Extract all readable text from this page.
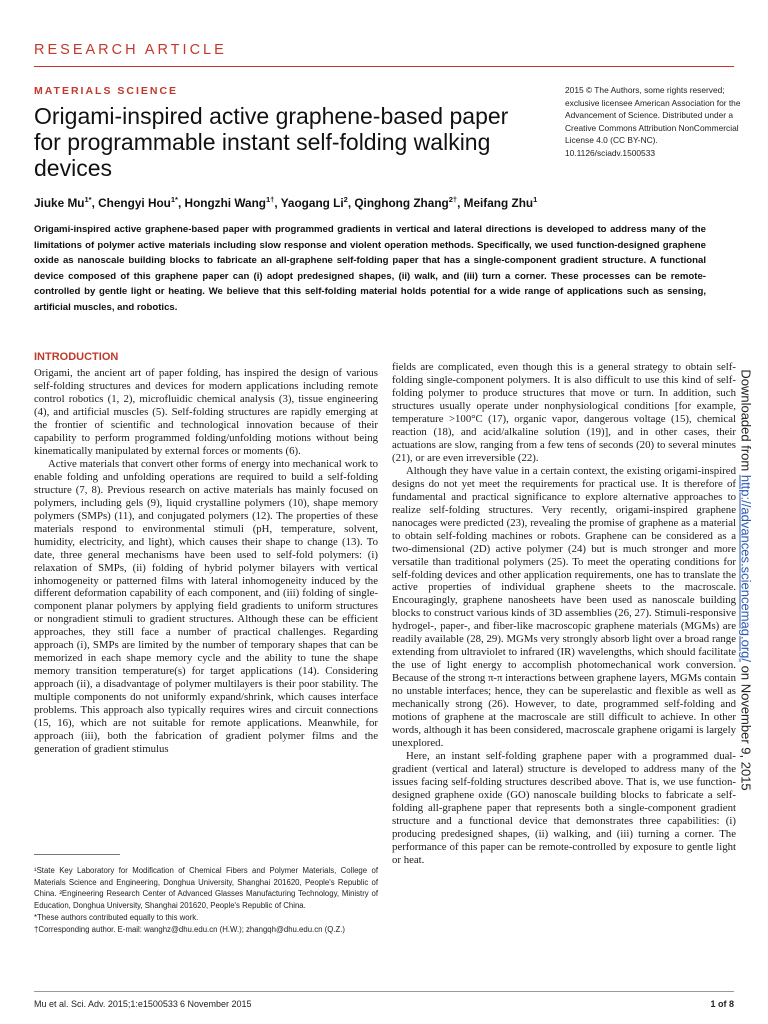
RESEARCH ARTICLE
MATERIALS SCIENCE
Origami-inspired active graphene-based paper for programmable instant self-folding walking devices
2015 © The Authors, some rights reserved; exclusive licensee American Association for the Advancement of Science. Distributed under a Creative Commons Attribution NonCommercial License 4.0 (CC BY-NC). 10.1126/sciadv.1500533
Jiuke $Mu^{1*}$, Chengyi Hou$^{1*}$, Hongzhi Wang$^{1\dagger}$, Yaogang Li$^2$, Qinghong Zhang$^{2\dagger}$, Meifang Zhu$^1$
Origami-inspired active graphene-based paper with programmed gradients in vertical and lateral directions is developed to address many of the limitations of polymer active materials including slow response and violent operation methods. Specifically, we used function-designed graphene oxide as nanoscale building blocks to fabricate an all-graphene self-folding paper that has a single-component gradient structure. A functional device composed of this graphene paper can (i) adopt predesigned shapes, (ii) walk, and (iii) turn a corner. These processes can be remote-controlled by gentle light or heating. We believe that this self-folding material holds potential for a wide range of applications such as sensing, artificial muscles, and robotics.
Downloaded from http://advances.sciencemag.org/ on November 9, 2015
INTRODUCTION

Origami, the ancient art of paper folding, has inspired the design of various self-folding structures and devices for modern applications including remote control robotics (1, 2), microfluidic chemical analysis (3), tissue engineering (4), and artificial muscles (5). Self-folding structures are rapidly emerging at the frontier of scientific and technological innovation because of their capability to perform programmed folding/unfolding motions without being kinematically manipulated by external forces or moments (6).

Active materials that convert other forms of energy into mechanical work to enable folding and unfolding operations are required to build a self-folding structure (7, 8). Previous research on active materials has mainly focused on polymers, including gels (9), liquid crystalline polymers (10), shape memory polymers (SMPs) (11), and conjugated polymers (12). The properties of these materials respond to environmental stimuli (pH, temperature, solvent, humidity, electricity, and light), which causes their shape to change (13). To date, three general mechanisms have been used to self-fold polymers: (i) relaxation of SMPs, (ii) folding of hybrid polymer bilayers with vertical inhomogeneity or patterned films with lateral inhomogeneity induced by the different deformation capability of each component, and (iii) folding of single-component planar polymers by applying field gradients to uniform structures or nongradient stimuli to gradient structures. Although these can be efficient approaches, they still face a number of practical challenges. Regarding approach (i), SMPs are limited by the number of temporary shapes that can be memorized in each shape memory cycle and the ability to tune the shape memory transition temperature(s) for target applications (14). Considering approach (ii), a disadvantage of polymer multilayers is their poor stability. The multiple components do not uniformly expand/shrink, which causes interface problems. This approach also typically requires wires and circuit connections (15, 16), which are not suitable for remote applications. Meanwhile, for approach (iii), both the fabrication of gradient polymer films and the generation of gradient stimulus

fields are complicated, even though this is a general strategy to obtain self-folding single-component polymers. It is also difficult to use this kind of self-folding polymer to produce structures that move or turn. In addition, such structures usually operate under nonphysiological conditions [for example, temperature >100°C (17), organic vapor, dangerous voltage (15), chemical reaction (18), and acid/alkaline solution (19)], and in other cases, their actuations are slow, ranging from a few tens of seconds (20) to several minutes (21), or are even irreversible (22).

Although they have value in a certain context, the existing origami-inspired designs do not yet meet the requirements for practical use. It is therefore of fundamental and practical significance to explore alternative approaches to realize self-folding structures. Very recently, origami-inspired graphene nanocages were predicted (23), revealing the promise of graphene as a material to obtain self-folding machines or robots. Graphene can be considered as a two-dimensional (2D) active polymer (24) but is much stronger and more versatile than traditional polymers (25). To meet the operating conditions for self-folding devices and other application requirements, one has to translate the active properties of individual graphene sheets to the macroscale. Encouragingly, graphene nanosheets have been used as nanoscale building blocks to construct various kinds of 3D assemblies (26, 27). Stimuli-responsive hydrogel-, paper-, and fiber-like macroscopic graphene materials (MGMs) are readily available (28, 29). MGMs very strongly absorb light over a broad range extending from ultraviolet to infrared (IR) wavelengths, which should facilitate the use of light energy to accomplish photomechanical work conversion. Because of the strong π-π interactions between graphene layers, MGMs contain no unstable interfaces; hence, they can be superelastic and flexible as well as mechanically strong (26). However, to date, programmed self-folding and motions of graphene at the macroscale are still difficult to achieve. In other words, although it has been considered, macroscale graphene origami is largely unexplored.

Here, an instant self-folding graphene paper with a programmed dual-gradient (vertical and lateral) structure is developed to address many of the issues facing self-folding structures described above. That is, we use function-designed graphene oxide (GO) nanoscale building blocks to fabricate a self-folding all-graphene paper that represents both a single-component gradient structure and a functional device that demonstrates three capabilities: (i) producing predesigned shapes, (ii) walking, and (iii) turning a corner. The performance of this paper can be remote-controlled by exposure to gentle light or heat.

¹State Key Laboratory for Modification of Chemical Fibers and Polymer Materials, College of Materials Science and Engineering, Donghua University, Shanghai 201620, People's Republic of China. ²Engineering Research Center of Advanced Glasses Manufacturing Technology, Ministry of Education, Donghua University, Shanghai 201620, People's Republic of China.

*These authors contributed equally to this work.

†Corresponding author. E-mail: wanghz@dhu.edu.cn (H.W.); zhangqh@dhu.edu.cn (Q.Z.)

Mu et al. Sci. Adv. 2015;1:e1500533 6 November 2015	1 of 8
